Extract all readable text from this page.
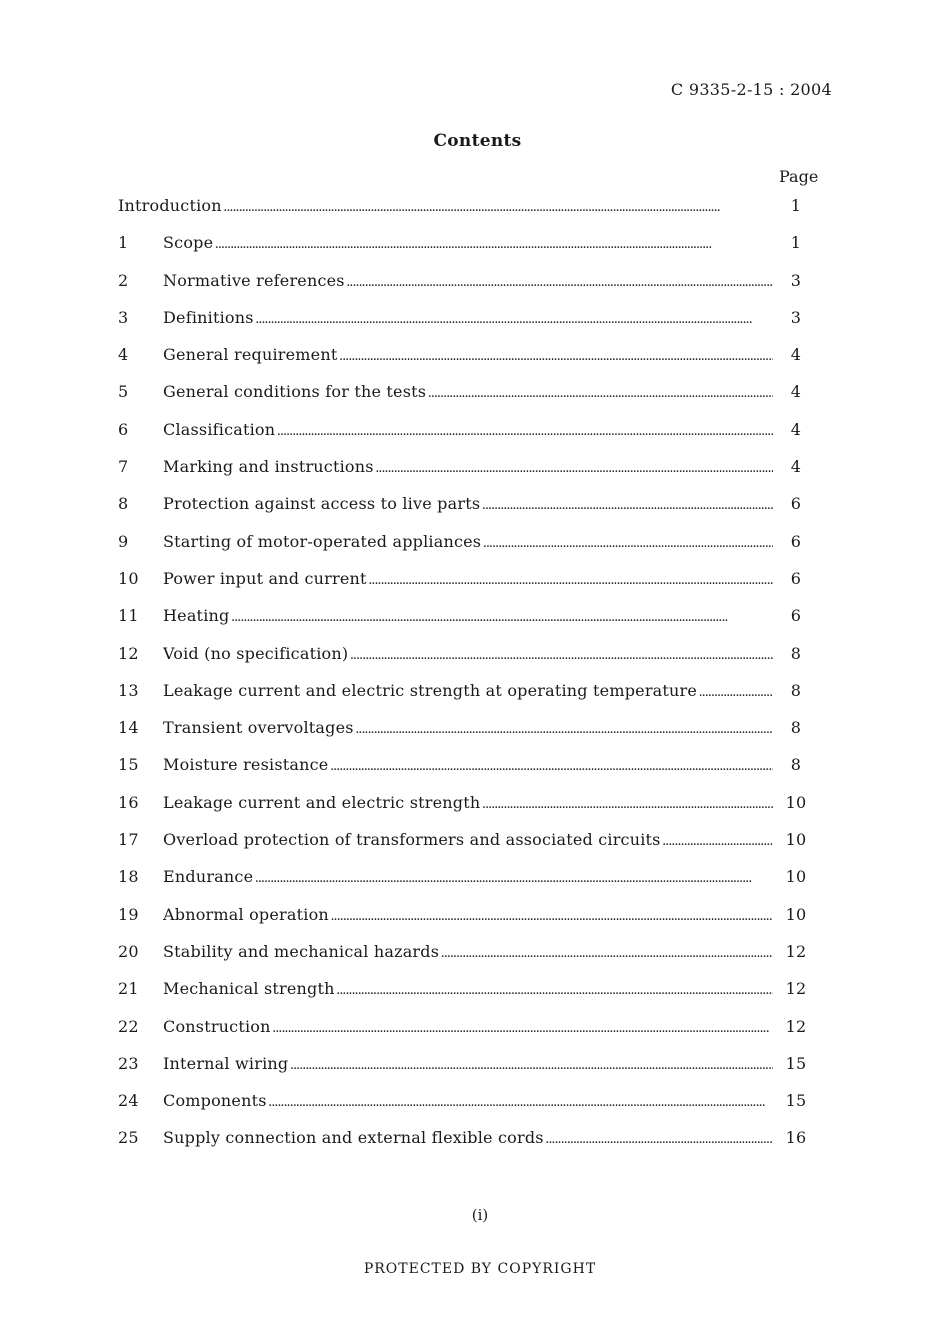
C 9335-2-15 : 2004
Contents
Page
Introduction . . .	1
1 Scope . . .	1
2 Normative references . . .	3
3 Definitions . . .	3
4 General requirement . . .	4
5 General conditions for the tests . . .	4
6 Classification . . .	4
7 Marking and instructions . . .	4
8 Protection against access to live parts . . .	6
9 Starting of motor-operated appliances . . .	6
10 Power input and current . . .	6
11 Heating . . .	6
12 Void (no specification) . . .	8
13 Leakage current and electric strength at operating temperature . . .	8
14 Transient overvoltages . . .	8
15 Moisture resistance . . .	8
16 Leakage current and electric strength . . .	10
17 Overload protection of transformers and associated circuits . . .	10
18 Endurance . . .	10
19 Abnormal operation . . .	10
20 Stability and mechanical hazards . . .	12
21 Mechanical strength . . .	12
22 Construction . . .	12
23 Internal wiring . . .	15
24 Components . . .	15
25 Supply connection and external flexible cords . . .	16
(i)
PROTECTED BY COPYRIGHT
